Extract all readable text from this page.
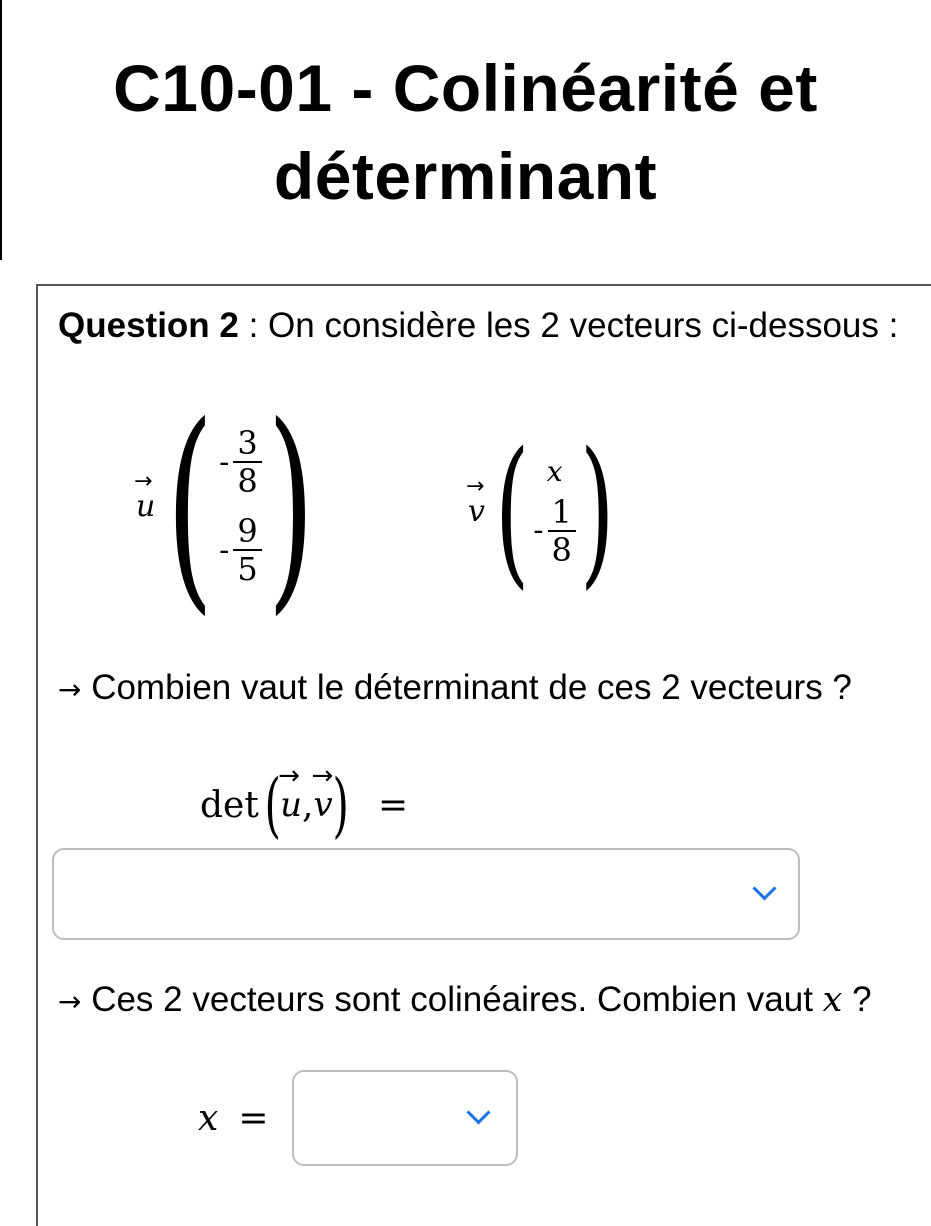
C10-01 - Colinéarité et déterminant
Question 2 : On considère les 2 vecteurs ci-dessous :
→
u ( - $\frac{3}{8}$
- $\frac{9}{5}$ )	→
v ( x
- $\frac{1}{8}$ )
→ Combien vaut le déterminant de ces 2 vecteurs ?
det (
→
u ,
→
v ) =
→ Ces 2 vecteurs sont colinéaires. Combien vaut x ?
x =
